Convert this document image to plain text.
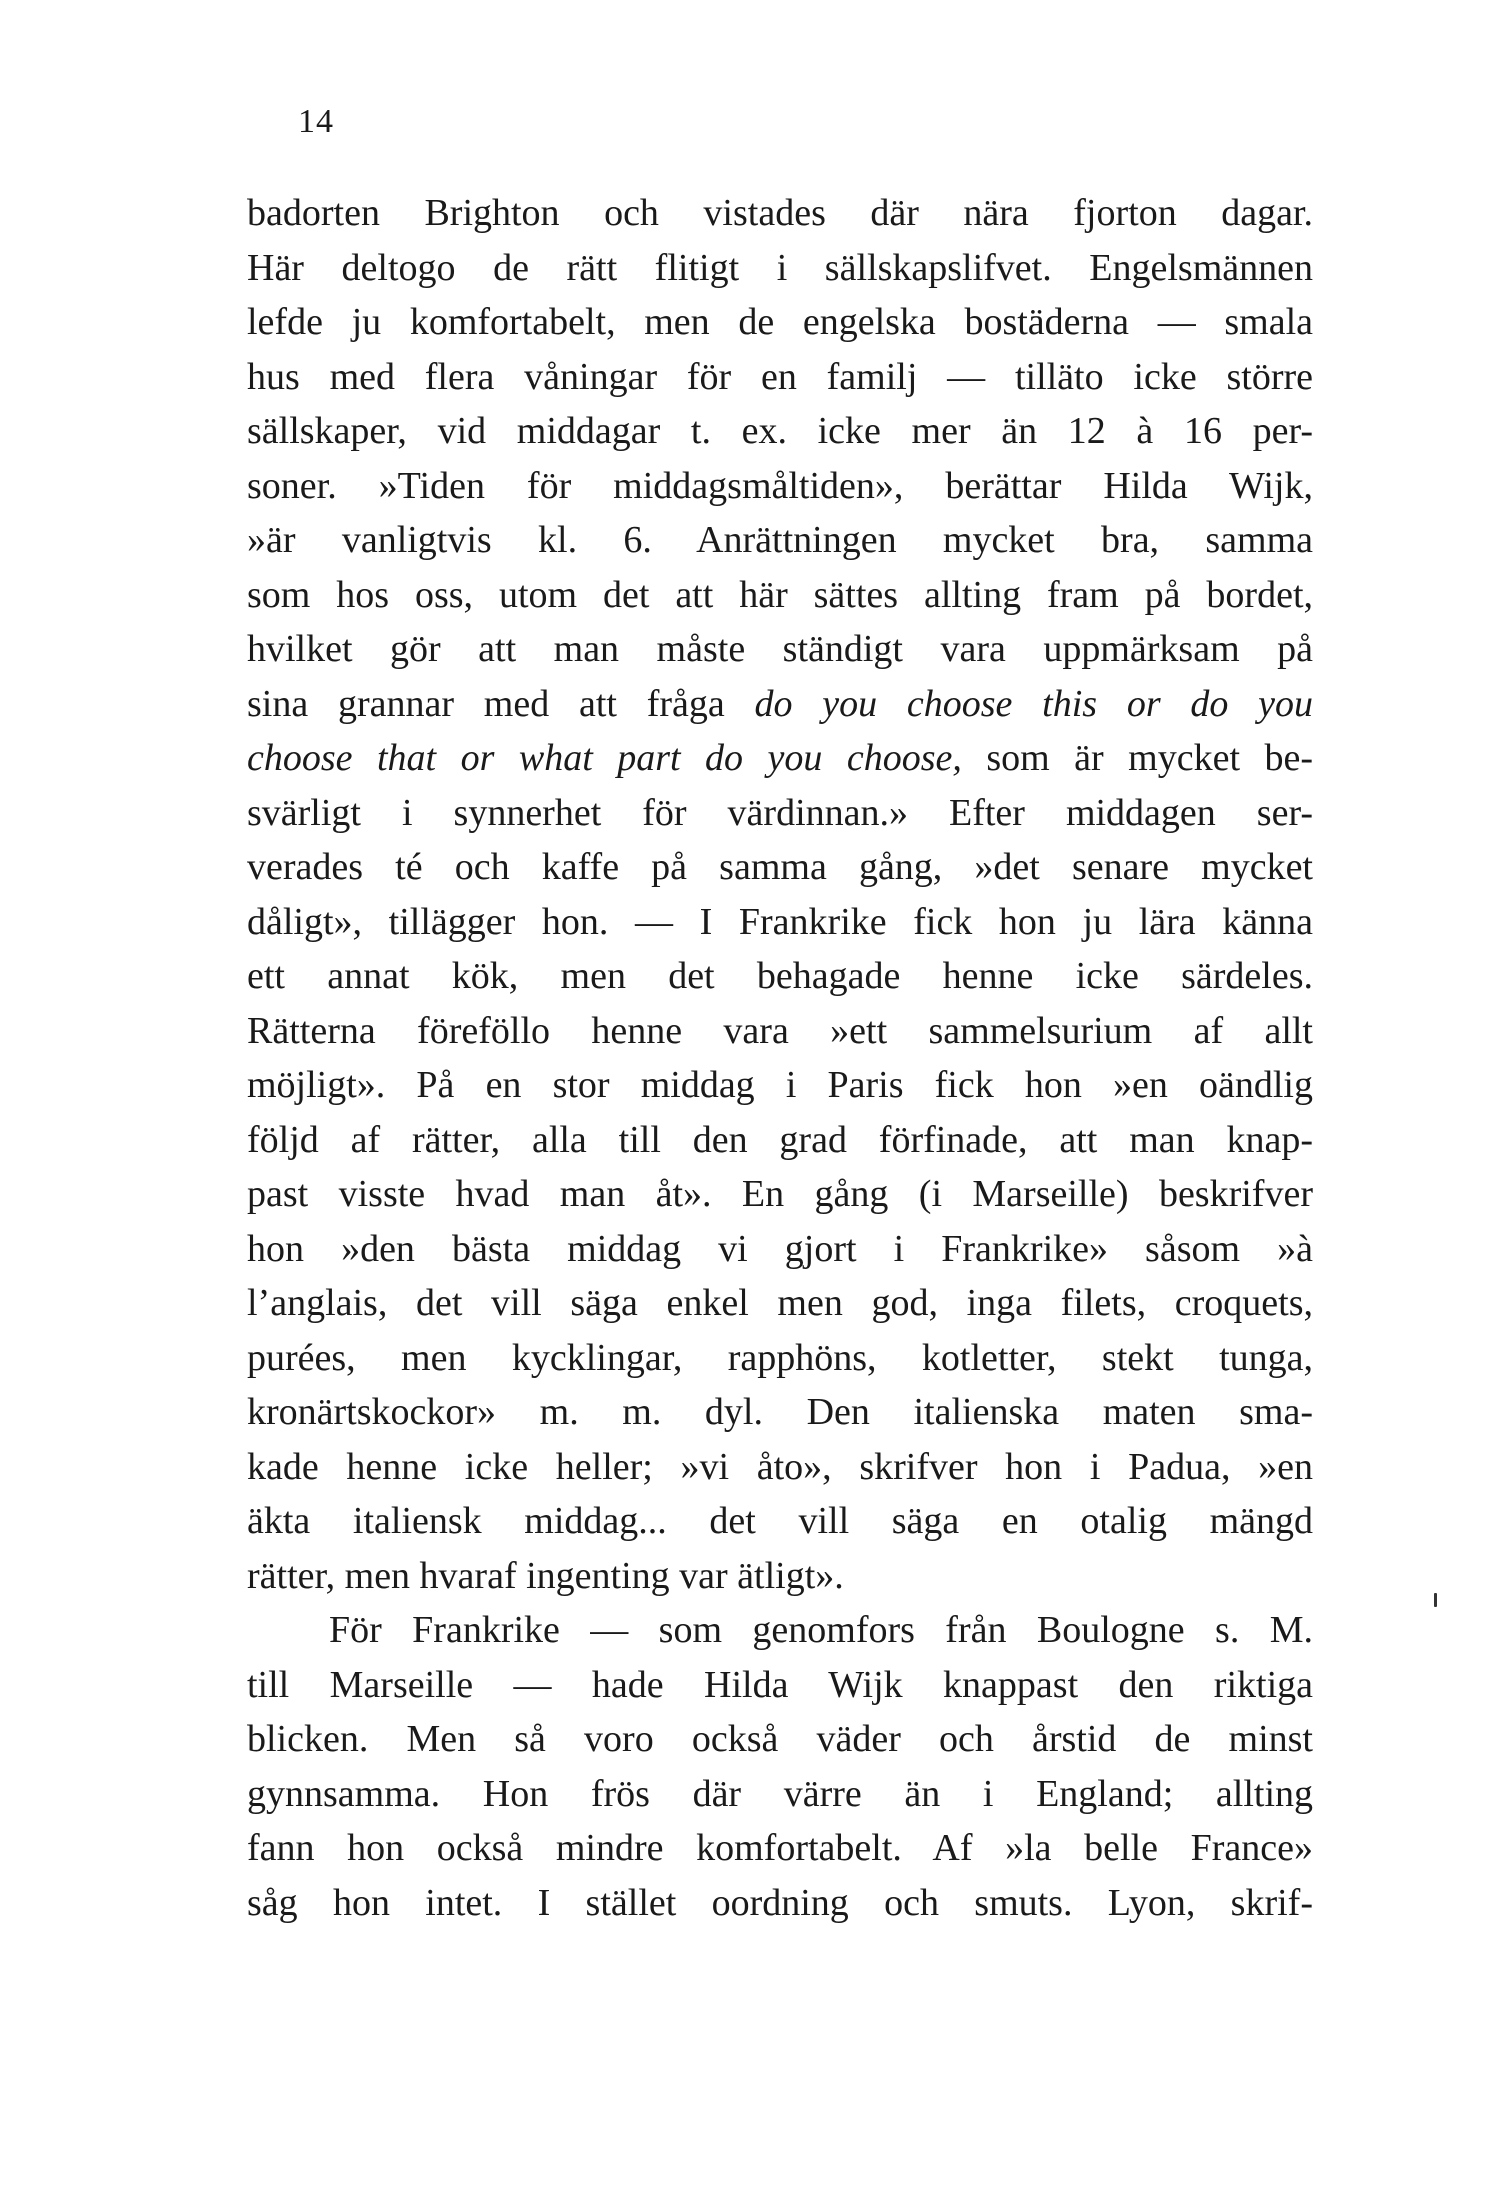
14
badorten Brighton och vistades där nära fjorton dagar.
Här deltogo de rätt flitigt i sällskapslifvet. Engelsmännen
lefde ju komfortabelt, men de engelska bostäderna — smala
hus med flera våningar för en familj — tilläto icke större
sällskaper, vid middagar t. ex. icke mer än 12 à 16 per-
soner. »Tiden för middagsmåltiden», berättar Hilda Wijk,
»är vanligtvis kl. 6. Anrättningen mycket bra, samma
som hos oss, utom det att här sättes allting fram på bordet,
hvilket gör att man måste ständigt vara uppmärksam på
sina grannar med att fråga do you choose this or do you
choose that or what part do you choose, som är mycket be-
svärligt i synnerhet för värdinnan.» Efter middagen ser-
verades té och kaffe på samma gång, »det senare mycket
dåligt», tillägger hon. — I Frankrike fick hon ju lära känna
ett annat kök, men det behagade henne icke särdeles.
Rätterna föreföllo henne vara »ett sammelsurium af allt
möjligt». På en stor middag i Paris fick hon »en oändlig
följd af rätter, alla till den grad förfinade, att man knap-
past visste hvad man åt». En gång (i Marseille) beskrifver
hon »den bästa middag vi gjort i Frankrike» såsom »à
l’anglais, det vill säga enkel men god, inga filets, croquets,
purées, men kycklingar, rapphöns, kotletter, stekt tunga,
kronärtskockor» m. m. dyl. Den italienska maten sma-
kade henne icke heller; »vi åto», skrifver hon i Padua, »en
äkta italiensk middag... det vill säga en otalig mängd
rätter, men hvaraf ingenting var ätligt».
För Frankrike — som genomfors från Boulogne s. M.
till Marseille — hade Hilda Wijk knappast den riktiga
blicken. Men så voro också väder och årstid de minst
gynnsamma. Hon frös där värre än i England; allting
fann hon också mindre komfortabelt. Af »la belle France»
såg hon intet. I stället oordning och smuts. Lyon, skrif-
